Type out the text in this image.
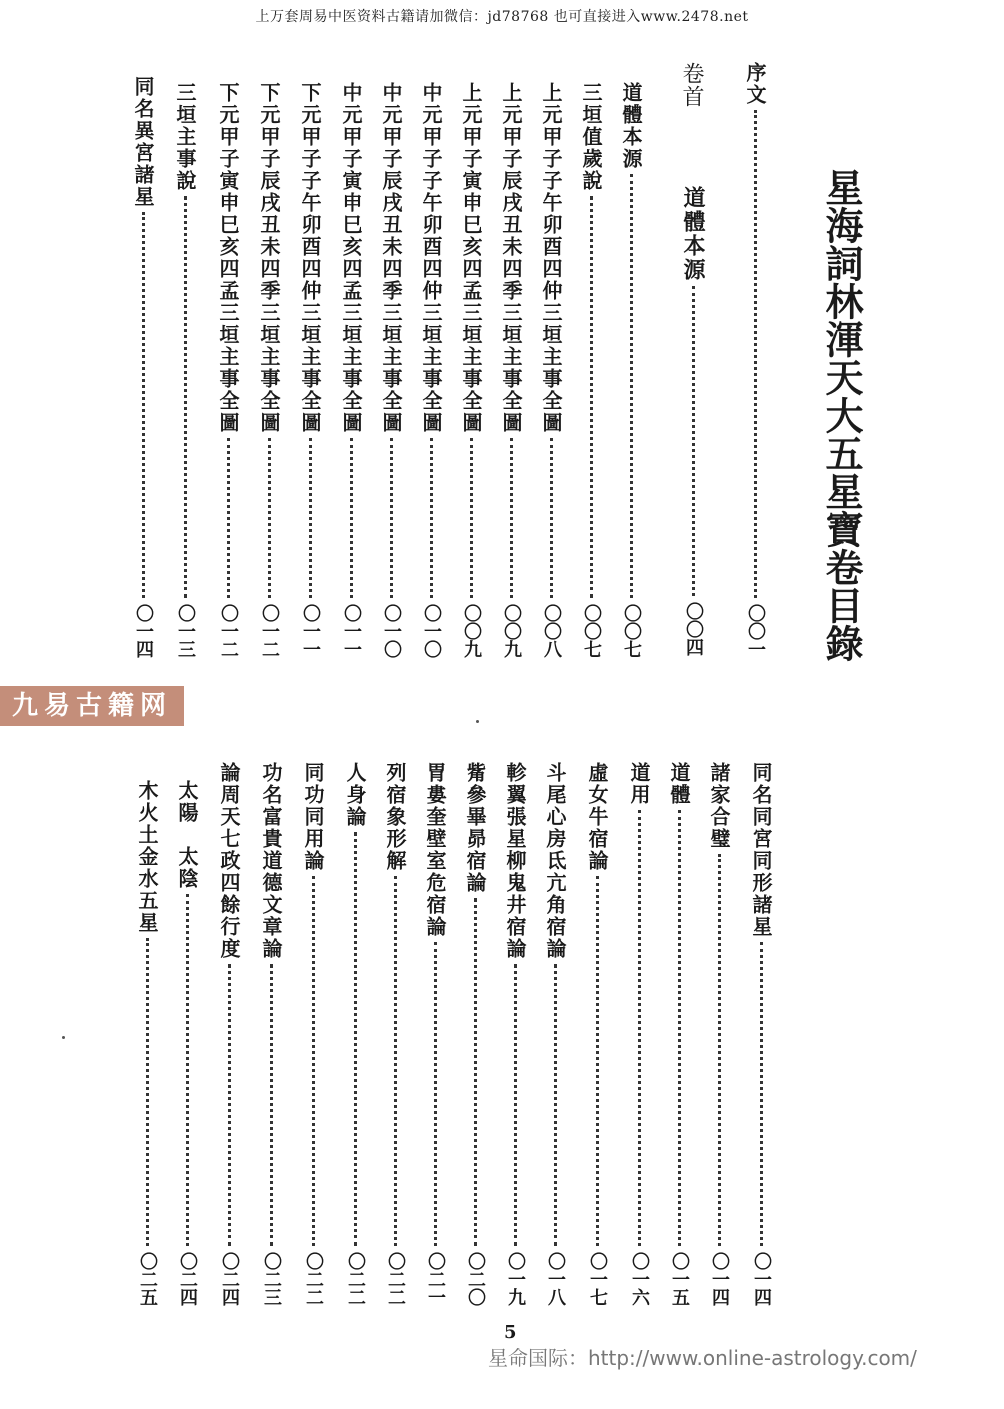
上万套周易中医资料古籍请加微信：jd78768 也可直接进入www.2478.net
星海詞林渾天大五星寶卷目錄
卷首
道體本源
〇〇四
序文
〇〇一
道體本源
〇〇七
三垣值歲說
〇〇七
上元甲子子午卯酉四仲三垣主事全圖
〇〇八
上元甲子辰戌丑未四季三垣主事全圖
〇〇九
上元甲子寅申巳亥四孟三垣主事全圖
〇〇九
中元甲子子午卯酉四仲三垣主事全圖
〇一〇
中元甲子辰戌丑未四季三垣主事全圖
〇一〇
中元甲子寅申巳亥四孟三垣主事全圖
〇一一
下元甲子子午卯酉四仲三垣主事全圖
〇一一
下元甲子辰戌丑未四季三垣主事全圖
〇一二
下元甲子寅申巳亥四孟三垣主事全圖
〇一二
三垣主事說
〇一三
同名異宮諸星
〇一四
九易古籍网
同名同宮同形諸星
〇一四
諸家合璧
〇一四
道體
〇一五
道用
〇一六
虛女牛宿論
〇一七
斗尾心房氐亢角宿論
〇一八
軫翼張星柳鬼井宿論
〇一九
觜參畢昴宿論
〇二〇
胃婁奎壁室危宿論
〇二一
列宿象形解
〇二二
人身論
〇二二
同功同用論
〇二二
功名富貴道德文章論
〇二三
論周天七政四餘行度
〇二四
太陽　太陰
〇二四
木火土金水五星
〇二五
5
星命国际：http://www.online-astrology.com/
